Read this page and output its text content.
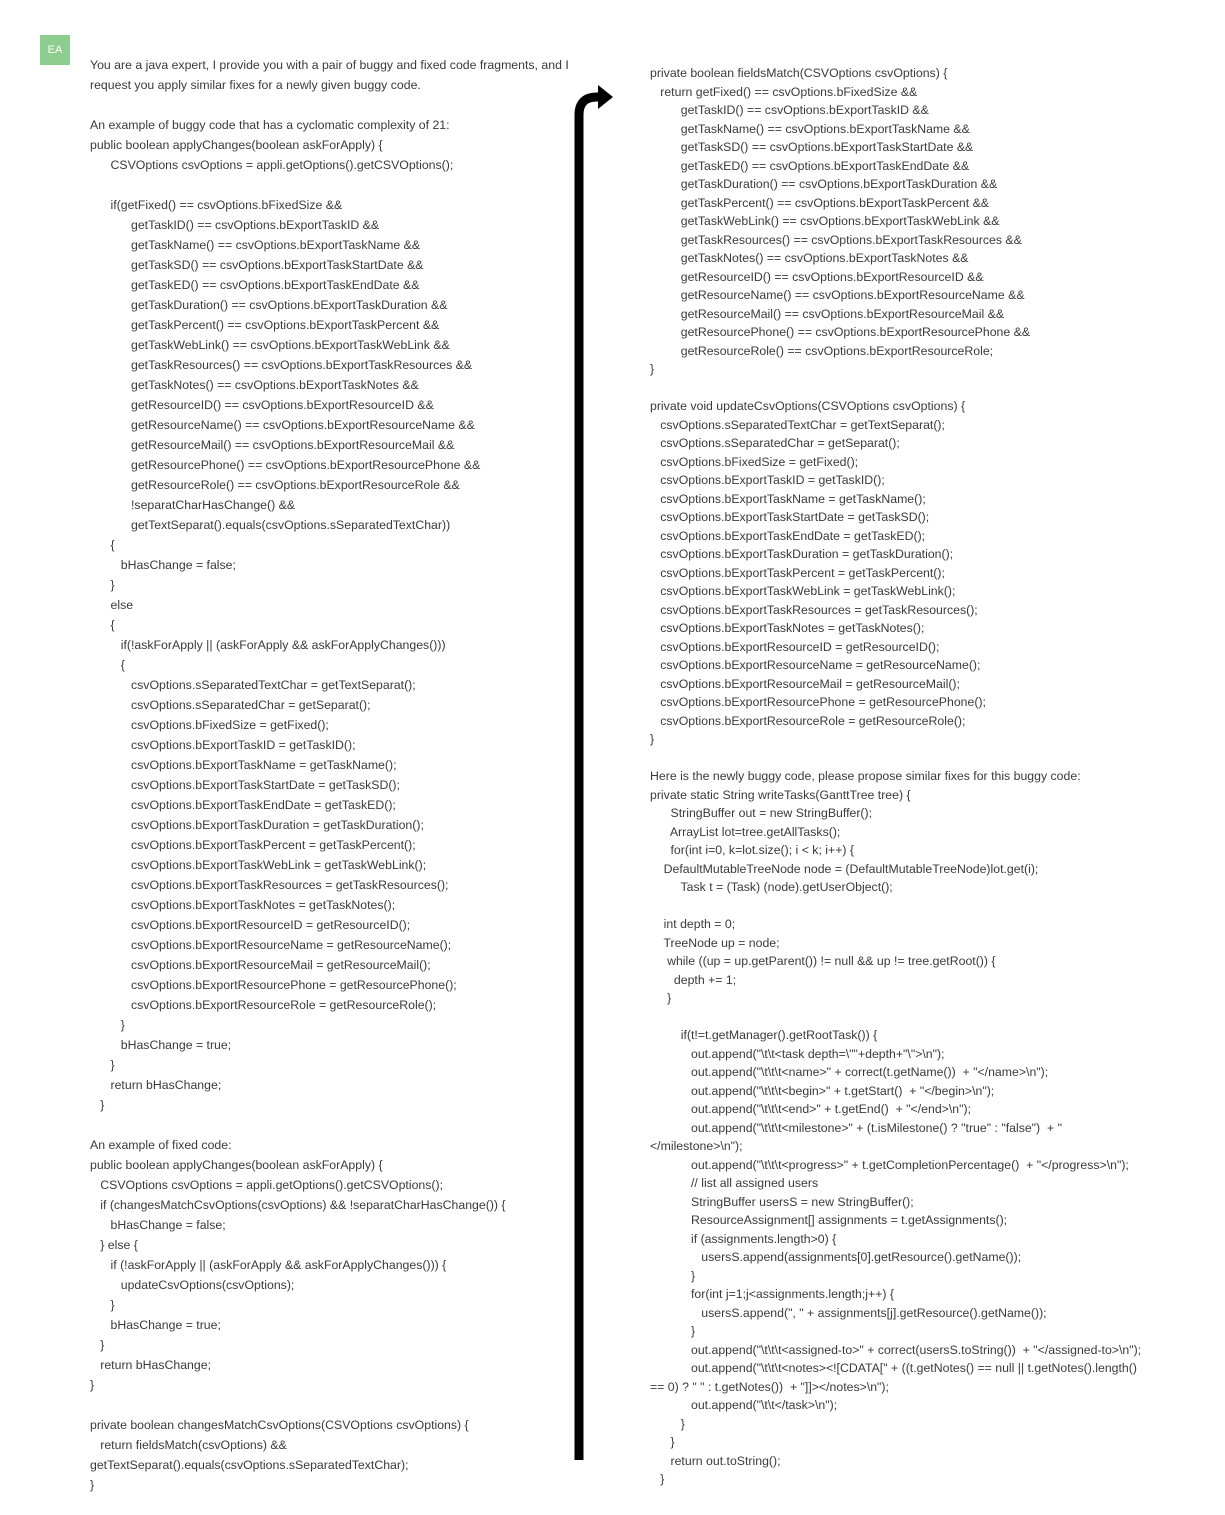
EA
You are a java expert, I provide you with a pair of buggy and fixed code fragments, and I
request you apply similar fixes for a newly given buggy code.
An example of buggy code that has a cyclomatic complexity of 21:
public boolean applyChanges(boolean askForApply) {
CSVOptions csvOptions = appli.getOptions().getCSVOptions();
if(getFixed() == csvOptions.bFixedSize &&
getTaskID() == csvOptions.bExportTaskID &&
getTaskName() == csvOptions.bExportTaskName &&
getTaskSD() == csvOptions.bExportTaskStartDate &&
getTaskED() == csvOptions.bExportTaskEndDate &&
getTaskDuration() == csvOptions.bExportTaskDuration &&
getTaskPercent() == csvOptions.bExportTaskPercent &&
getTaskWebLink() == csvOptions.bExportTaskWebLink &&
getTaskResources() == csvOptions.bExportTaskResources &&
getTaskNotes() == csvOptions.bExportTaskNotes &&
getResourceID() == csvOptions.bExportResourceID &&
getResourceName() == csvOptions.bExportResourceName &&
getResourceMail() == csvOptions.bExportResourceMail &&
getResourcePhone() == csvOptions.bExportResourcePhone &&
getResourceRole() == csvOptions.bExportResourceRole &&
!separatCharHasChange() &&
getTextSeparat().equals(csvOptions.sSeparatedTextChar))
{
bHasChange = false;
}
else
{
if(!askForApply || (askForApply && askForApplyChanges()))
{
csvOptions.sSeparatedTextChar = getTextSeparat();
csvOptions.sSeparatedChar = getSeparat();
csvOptions.bFixedSize = getFixed();
csvOptions.bExportTaskID = getTaskID();
csvOptions.bExportTaskName = getTaskName();
csvOptions.bExportTaskStartDate = getTaskSD();
csvOptions.bExportTaskEndDate = getTaskED();
csvOptions.bExportTaskDuration = getTaskDuration();
csvOptions.bExportTaskPercent = getTaskPercent();
csvOptions.bExportTaskWebLink = getTaskWebLink();
csvOptions.bExportTaskResources = getTaskResources();
csvOptions.bExportTaskNotes = getTaskNotes();
csvOptions.bExportResourceID = getResourceID();
csvOptions.bExportResourceName = getResourceName();
csvOptions.bExportResourceMail = getResourceMail();
csvOptions.bExportResourcePhone = getResourcePhone();
csvOptions.bExportResourceRole = getResourceRole();
}
bHasChange = true;
}
return bHasChange;
}
An example of fixed code:
public boolean applyChanges(boolean askForApply) {
CSVOptions csvOptions = appli.getOptions().getCSVOptions();
if (changesMatchCsvOptions(csvOptions) && !separatCharHasChange()) {
bHasChange = false;
} else {
if (!askForApply || (askForApply && askForApplyChanges())) {
updateCsvOptions(csvOptions);
}
bHasChange = true;
}
return bHasChange;
}
private boolean changesMatchCsvOptions(CSVOptions csvOptions) {
return fieldsMatch(csvOptions) &&
getTextSeparat().equals(csvOptions.sSeparatedTextChar);
}
private boolean fieldsMatch(CSVOptions csvOptions) {
return getFixed() == csvOptions.bFixedSize &&
getTaskID() == csvOptions.bExportTaskID &&
getTaskName() == csvOptions.bExportTaskName &&
getTaskSD() == csvOptions.bExportTaskStartDate &&
getTaskED() == csvOptions.bExportTaskEndDate &&
getTaskDuration() == csvOptions.bExportTaskDuration &&
getTaskPercent() == csvOptions.bExportTaskPercent &&
getTaskWebLink() == csvOptions.bExportTaskWebLink &&
getTaskResources() == csvOptions.bExportTaskResources &&
getTaskNotes() == csvOptions.bExportTaskNotes &&
getResourceID() == csvOptions.bExportResourceID &&
getResourceName() == csvOptions.bExportResourceName &&
getResourceMail() == csvOptions.bExportResourceMail &&
getResourcePhone() == csvOptions.bExportResourcePhone &&
getResourceRole() == csvOptions.bExportResourceRole;
}
private void updateCsvOptions(CSVOptions csvOptions) {
csvOptions.sSeparatedTextChar = getTextSeparat();
csvOptions.sSeparatedChar = getSeparat();
csvOptions.bFixedSize = getFixed();
csvOptions.bExportTaskID = getTaskID();
csvOptions.bExportTaskName = getTaskName();
csvOptions.bExportTaskStartDate = getTaskSD();
csvOptions.bExportTaskEndDate = getTaskED();
csvOptions.bExportTaskDuration = getTaskDuration();
csvOptions.bExportTaskPercent = getTaskPercent();
csvOptions.bExportTaskWebLink = getTaskWebLink();
csvOptions.bExportTaskResources = getTaskResources();
csvOptions.bExportTaskNotes = getTaskNotes();
csvOptions.bExportResourceID = getResourceID();
csvOptions.bExportResourceName = getResourceName();
csvOptions.bExportResourceMail = getResourceMail();
csvOptions.bExportResourcePhone = getResourcePhone();
csvOptions.bExportResourceRole = getResourceRole();
}
Here is the newly buggy code, please propose similar fixes for this buggy code:
private static String writeTasks(GanttTree tree) {
StringBuffer out = new StringBuffer();
ArrayList lot=tree.getAllTasks();
for(int i=0, k=lot.size(); i < k; i++) {
DefaultMutableTreeNode node = (DefaultMutableTreeNode)lot.get(i);
Task t = (Task) (node).getUserObject();
int depth = 0;
TreeNode up = node;
while ((up = up.getParent()) != null && up != tree.getRoot()) {
depth += 1;
}
if(t!=t.getManager().getRootTask()) {
out.append("\t\t<task depth=\""+depth+"\">\n");
out.append("\t\t\t<name>" + correct(t.getName())  + "</name>\n");
out.append("\t\t\t<begin>" + t.getStart()  + "</begin>\n");
out.append("\t\t\t<end>" + t.getEnd()  + "</end>\n");
out.append("\t\t\t<milestone>" + (t.isMilestone() ? "true" : "false")  + "
</milestone>\n");
out.append("\t\t\t<progress>" + t.getCompletionPercentage()  + "</progress>\n");
// list all assigned users
StringBuffer usersS = new StringBuffer();
ResourceAssignment[] assignments = t.getAssignments();
if (assignments.length>0) {
usersS.append(assignments[0].getResource().getName());
}
for(int j=1;j<assignments.length;j++) {
usersS.append(", " + assignments[j].getResource().getName());
}
out.append("\t\t\t<assigned-to>" + correct(usersS.toString())  + "</assigned-to>\n");
out.append("\t\t\t<notes><![CDATA[" + ((t.getNotes() == null || t.getNotes().length()
== 0) ? " " : t.getNotes())  + "]]></notes>\n");
out.append("\t\t</task>\n");
}
}
return out.toString();
}
